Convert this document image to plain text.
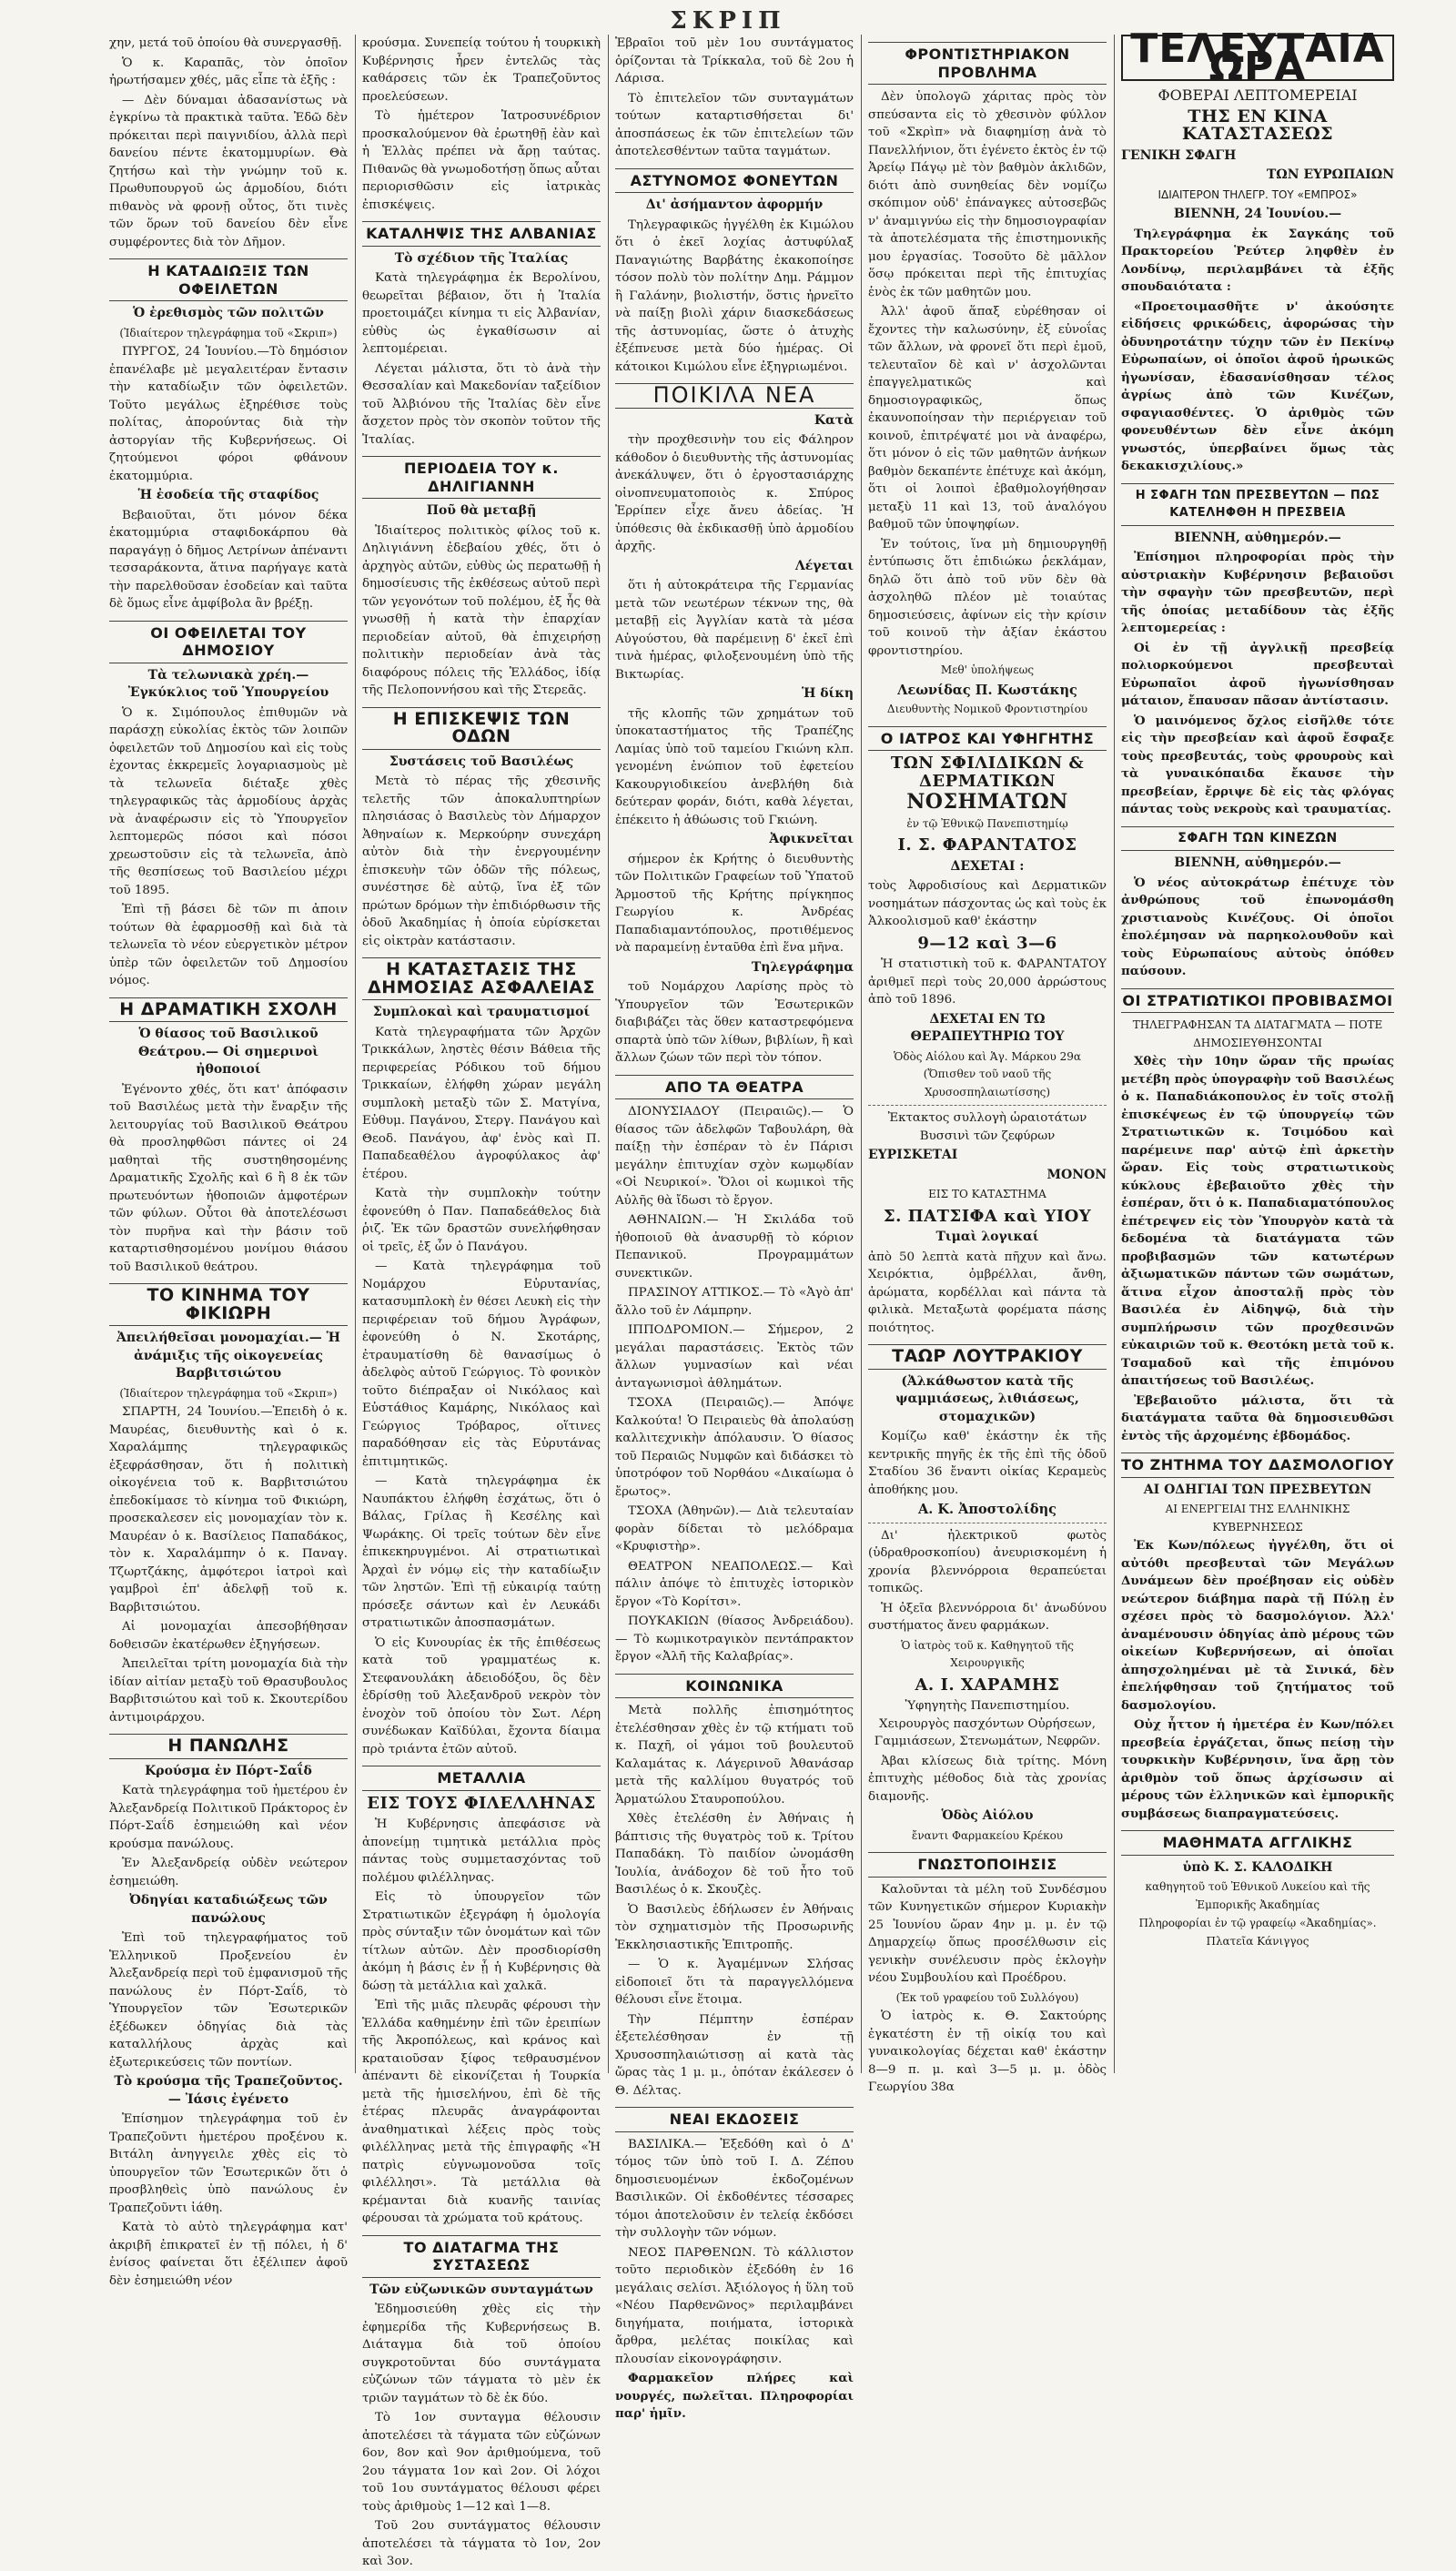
ΣΚΡΙΠ

χην, μετά τοῦ ὁποίου θὰ συνεργασθῇ.

Ὁ κ. Καραπᾶς, τὸν ὁποῖον ἠρωτήσαμεν χθές, μᾶς εἶπε τὰ ἑξῆς :

— Δὲν δύναμαι ἀδασανίστως νὰ ἐγκρίνω τὰ πρακτικὰ ταῦτα. Ἐδῶ δὲν πρόκειται περὶ παιγνιδίου, ἀλλὰ περὶ δανείου πέντε ἑκατομμυρίων. Θὰ ζητήσω καὶ τὴν γνώμην τοῦ κ. Πρωθυπουργοῦ ὡς ἁρμοδίου, διότι πιθανὸς νὰ φρονῇ οὗτος, ὅτι τινὲς τῶν ὅρων τοῦ δανείου δὲν εἶνε συμφέροντες διὰ τὸν Δῆμον.

Η ΚΑΤΑΔΙΩΞΙΣ ΤΩΝ ΟΦΕΙΛΕΤΩΝ
Ὁ ἐρεθισμὸς τῶν πολιτῶν
(Ἰδιαίτερον τηλεγράφημα τοῦ «Σκριπ»)

ΠΥΡΓΟΣ, 24 Ἰουνίου.—Τὸ δημόσιον ἐπανέλαβε μὲ μεγαλειτέραν ἔντασιν τὴν καταδίωξιν τῶν ὀφειλετῶν. Τοῦτο μεγάλως ἐξηρέθισε τοὺς πολίτας, ἀπορούντας διὰ τὴν ἀστοργίαν τῆς Κυβερνήσεως. Οἱ ζητούμενοι φόροι φθάνουν ἐκατομμύρια.

Ἡ ἐσοδεία τῆς σταφίδος

Βεβαιοῦται, ὅτι μόνον δέκα ἑκατομμύρια σταφιδοκάρπου θὰ παραγάγῃ ὁ δῆμος Λετρίνων ἀπέναντι τεσσαράκοντα, ἅτινα παρήγαγε κατὰ τὴν παρελθοῦσαν ἐσοδείαν καὶ ταῦτα δὲ ὅμως εἶνε ἀμφίβολα ἂν βρέξῃ.

ΟΙ ΟΦΕΙΛΕΤΑΙ ΤΟΥ ΔΗΜΟΣΙΟΥ
Τὰ τελωνιακὰ χρέη.— Ἐγκύκλιος τοῦ Ὑπουργείου

Ὁ κ. Σιμόπουλος ἐπιθυμῶν νὰ παράσχῃ εὐκολίας ἐκτὸς τῶν λοιπῶν ὀφειλετῶν τοῦ Δημοσίου καὶ εἰς τοὺς ἐχοντας ἐκκρεμεῖς λογαριασμοὺς μὲ τὰ τελωνεῖα διέταξε χθὲς τηλεγραφικῶς τὰς ἁρμοδίους ἀρχὰς νὰ ἀναφέρωσιν εἰς τὸ Ὑπουργεῖον λεπτομερῶς πόσοι καὶ πόσοι χρεωστοῦσιν εἰς τὰ τελωνεῖα, ἀπὸ τῆς θεσπίσεως τοῦ Βασιλείου μέχρι τοῦ 1895.

Ἐπὶ τῇ βάσει δὲ τῶν πι ἀποιν τούτων θὰ ἐφαρμοσθῇ καὶ διὰ τὰ τελωνεῖα τὸ νέον εὐεργετικὸν μέτρον ὑπὲρ τῶν ὀφειλετῶν τοῦ Δημοσίου νόμος.

Η ΔΡΑΜΑΤΙΚΗ ΣΧΟΛΗ
Ὁ θίασος τοῦ Βασιλικοῦ Θεάτρου.— Οἱ σημερινοὶ ἠθοποιοί

Ἐγένοντο χθές, ὅτι κατ' ἀπόφασιν τοῦ Βασιλέως μετὰ τὴν ἔναρξιν τῆς λειτουργίας τοῦ Βασιλικοῦ Θεάτρου θὰ προσληφθῶσι πάντες οἱ 24 μαθηταὶ τῆς συστηθησομένης Δραματικῆς Σχολῆς καὶ 6 ἢ 8 ἐκ τῶν πρωτευόντων ἠθοποιῶν ἀμφοτέρων τῶν φύλων. Οὗτοι θὰ ἀποτελέσωσι τὸν πυρῆνα καὶ τὴν βάσιν τοῦ καταρτισθησομένου μονίμου θιάσου τοῦ Βασιλικοῦ θεάτρου.

ΤΟ ΚΙΝΗΜΑ ΤΟΥ ΦΙΚΙΩΡΗ
Ἀπειλήθεῖσαι μονομαχίαι.— Ἡ ἀνάμιξις τῆς οἰκογενείας Βαρβιτσιώτου
(Ἰδιαίτερον τηλεγράφημα τοῦ «Σκριπ»)

ΣΠΑΡΤΗ, 24 Ἰουνίου.—Ἐπειδὴ ὁ κ. Μαυρέας, διευθυντὴς καὶ ὁ κ. Χαραλάμπης τηλεγραφικῶς ἐξεφράσθησαν, ὅτι ἡ πολιτικὴ οἰκογένεια τοῦ κ. Βαρβιτσιώτου ἐπεδοκίμασε τὸ κίνημα τοῦ Φικιώρη, προσεκαλεσεν εἰς μονομαχίαν τὸν κ. Μαυρέαν ὁ κ. Βασίλειος Παπαδάκος, τὸν κ. Χαραλάμπην ὁ κ. Παναγ. Τζωρτζάκης, ἀμφότεροι ἰατροὶ καὶ γαμβροὶ ἐπ' ἀδελφῇ τοῦ κ. Βαρβιτσιώτου.

Αἱ μονομαχίαι ἀπεσοβήθησαν δοθεισῶν ἐκατέρωθεν ἐξηγήσεων.

Ἀπειλεῖται τρίτη μονομαχία διὰ τὴν ἰδίαν αἰτίαν μεταξὺ τοῦ Θρασυβουλος Βαρβιτσιώτου καὶ τοῦ κ. Σκουτερίδου ἀντιμοιράρχου.

Η ΠΑΝΩΛΗΣ
Κρούσμα ἐν Πόρτ-Σαΐδ

Κατὰ τηλεγράφημα τοῦ ἡμετέρου ἐν Ἀλεξανδρείᾳ Πολιτικοῦ Πράκτορος ἐν Πόρτ-Σαΐδ ἐσημειώθη καὶ νέον κρούσμα πανώλους.

Ἐν Ἀλεξανδρείᾳ οὐδὲν νεώτερον ἐσημειώθη.

Ὀδηγίαι καταδιώξεως τῶν πανώλους

Ἐπὶ τοῦ τηλεγραφήματος τοῦ Ἑλληνικοῦ Προξενείου ἐν Ἀλεξανδρείᾳ περὶ τοῦ ἐμφανισμοῦ τῆς πανώλους ἐν Πόρτ-Σαΐδ, τὸ Ὑπουργεῖον τῶν Ἐσωτερικῶν ἐξέδωκεν ὁδηγίας διὰ τὰς καταλλήλους ἀρχὰς καὶ ἐξωτερικεύσεις τῶν ποντίων.

Τὸ κρούσμα τῆς Τραπεζοῦντος.— Ἰάσις ἐγένετο

Ἐπίσημον τηλεγράφημα τοῦ ἐν Τραπεζοῦντι ἡμετέρου προξένου κ. Βιτάλη ἀνηγγειλε χθὲς εἰς τὸ ὑπουργεῖον τῶν Ἐσωτερικῶν ὅτι ὁ προσβληθεὶς ὑπὸ πανώλους ἐν Τραπεζοῦντι ἰάθη.

Κατὰ τὸ αὐτὸ τηλεγράφημα κατ' ἀκριβῆ ἐπικρατεῖ ἐν τῇ πόλει, ἡ δ' ἐνίσος φαίνεται ὅτι ἐξέλιπεν ἀφοῦ δὲν ἐσημειώθη νέον

κρούσμα. Συνεπείᾳ τούτου ἡ τουρκικὴ Κυβέρνησις ἦρεν ἐντελῶς τὰς καθάρσεις τῶν ἐκ Τραπεζοῦντος προελεύσεων.

Τὸ ἡμέτερον Ἰατροσυνέδριον προσκαλούμενον θὰ ἐρωτηθῇ ἐὰν καὶ ἡ Ἑλλὰς πρέπει νὰ ἄρῃ ταύτας. Πιθανῶς θὰ γνωμοδοτήσῃ ὅπως αὗται περιορισθῶσιν εἰς ἰατρικὰς ἐπισκέψεις.

ΚΑΤΑΛΗΨΙΣ ΤΗΣ ΑΛΒΑΝΙΑΣ
Τὸ σχέδιον τῆς Ἰταλίας

Κατὰ τηλεγράφημα ἐκ Βερολίνου, θεωρεῖται βέβαιον, ὅτι ἡ Ἰταλία προετοιμάζει κίνημα τι εἰς Ἀλβανίαν, εὐθὺς ὡς ἐγκαθίσωσιν αἱ λεπτομέρειαι.

Λέγεται μάλιστα, ὅτι τὸ ἀνὰ τὴν Θεσσαλίαν καὶ Μακεδονίαν ταξείδιον τοῦ Ἀλβιόνου τῆς Ἰταλίας δὲν εἶνε ἄσχετον πρὸς τὸν σκοπὸν τοῦτον τῆς Ἰταλίας.

ΠΕΡΙΟΔΕΙΑ ΤΟΥ κ. ΔΗΛΙΓΙΑΝΝΗ
Ποῦ θὰ μεταβῇ

Ἰδιαίτερος πολιτικὸς φίλος τοῦ κ. Δηλιγιάννη ἐδεβαίου χθές, ὅτι ὁ ἀρχηγὸς αὐτῶν, εὐθὺς ὡς περατωθῇ ἡ δημοσίευσις τῆς ἐκθέσεως αὐτοῦ περὶ τῶν γεγονότων τοῦ πολέμου, ἐξ ἧς θὰ γνωσθῇ ἡ κατὰ τὴν ἐπαρχίαν περιοδείαν αὐτοῦ, θὰ ἐπιχειρήσῃ πολιτικὴν περιοδείαν ἀνὰ τὰς διαφόρους πόλεις τῆς Ἑλλάδος, ἰδίᾳ τῆς Πελοποννήσου καὶ τῆς Στερεᾶς.

Η ΕΠΙΣΚΕΨΙΣ ΤΩΝ ΟΔΩΝ
Συστάσεις τοῦ Βασιλέως

Μετὰ τὸ πέρας τῆς χθεσινῆς τελετῆς τῶν ἀποκαλυπτηρίων πλησιάσας ὁ Βασιλεὺς τὸν Δήμαρχον Ἀθηναίων κ. Μερκούρην συνεχάρη αὐτὸν διὰ τὴν ἐνεργουμένην ἐπισκευὴν τῶν ὁδῶν τῆς πόλεως, συνέστησε δὲ αὐτῷ, ἵνα ἐξ τῶν πρώτων δρόμων τὴν ἐπιδιόρθωσιν τῆς ὁδοῦ Ἀκαδημίας ἡ ὁποία εὑρίσκεται εἰς οἰκτρὰν κατάστασιν.

Η ΚΑΤΑΣΤΑΣΙΣ ΤΗΣ ΔΗΜΟΣΙΑΣ ΑΣΦΑΛΕΙΑΣ
Συμπλοκαὶ καὶ τραυματισμοί

Κατὰ τηλεγραφήματα τῶν Ἀρχῶν Τρικκάλων, ληστὲς θέσιν Βάθεια τῆς περιφερείας Ρόδικου τοῦ δήμου Τρικκαίων, ἐλήφθη χώραν μεγάλη συμπλοκὴ μεταξὺ τῶν Σ. Ματγίνα, Εὐθυμ. Παγάνου, Στεργ. Πανάγου καὶ Θεοδ. Πανάγου, ἀφ' ἑνὸς καὶ Π. Παπαδεαθέλου ἀγροφύλακος ἀφ' ἑτέρου.

Κατὰ τὴν συμπλοκὴν τούτην ἐφονεύθη ὁ Παν. Παπαδεάθελος διὰ ῥιζ. Ἐκ τῶν δραστῶν συνελήφθησαν οἱ τρεῖς, ἐξ ὧν ὁ Πανάγου.

— Κατὰ τηλεγράφημα τοῦ Νομάρχου Εὐρυτανίας, κατασυμπλοκὴ ἐν θέσει Λευκὴ εἰς τὴν περιφέρειαν τοῦ δήμου Ἀγράφων, ἐφονεύθη ὁ Ν. Σκοτάρης, ἐτραυματίσθη δὲ θανασίμως ὁ ἀδελφὸς αὐτοῦ Γεώργιος. Τὸ φονικὸν τοῦτο διέπραξαν οἱ Νικόλαος καὶ Εὐστάθιος Καμάρης, Νικόλαος καὶ Γεώργιος Τρόβαρος, οἵτινες παραδόθησαν εἰς τὰς Εὐρυτάνας ἐπιτιμητικῶς.

— Κατὰ τηλεγράφημα ἐκ Ναυπάκτου ἐλήφθη ἐσχάτως, ὅτι ὁ Βάλας, Γρίλας ἢ Κεσέλης καὶ Ψωράκης. Οἱ τρεῖς τούτων δὲν εἶνε ἐπικεκηρυγμένοι. Αἱ στρατιωτικαὶ Ἀρχαὶ ἐν νόμῳ εἰς τὴν καταδίωξιν τῶν ληστῶν. Ἐπὶ τῇ εὐκαιρίᾳ ταύτῃ πρόσεξε σάντων καὶ ἐν Λευκάδι στρατιωτικῶν ἀποσπασμάτων.

Ὁ εἰς Κυνουρίας ἐκ τῆς ἐπιθέσεως κατὰ τοῦ γραμματέως κ. Στεφανουλάκη ἀδειοδόξου, ὃς δὲν ἐδρίσθῃ τοῦ Ἀλεξανδροῦ νεκρὸν τὸν ἐνοχὸν τοῦ ὁποίου τὸν Σωτ. Λέρη συνέδωκαν Καϊδύλαι, ἔχοντα δίαιμα πρὸ τριάντα ἐτῶν αὐτοῦ.

ΜΕΤΑΛΛΙΑ
ΕΙΣ ΤΟΥΣ ΦΙΛΕΛΛΗΝΑΣ

Ἡ Κυβέρνησις ἀπεφάσισε νὰ ἀπονείμῃ τιμητικὰ μετάλλια πρὸς πάντας τοὺς συμμετασχόντας τοῦ πολέμου φιλέλληνας.

Εἰς τὸ ὑπουργεῖον τῶν Στρατιωτικῶν ἐξεγράφη ἡ ὁμολογία πρὸς σύνταξιν τῶν ὀνομάτων καὶ τῶν τίτλων αὐτῶν. Δὲν προσδιορίσθη ἀκόμη ἡ βάσις ἐν ᾗ ἡ Κυβέρνησις θὰ δώσῃ τὰ μετάλλια καὶ χαλκᾶ.

Ἐπὶ τῆς μιᾶς πλευρᾶς φέρουσι τὴν Ἑλλάδα καθημένην ἐπὶ τῶν ἐρειπίων τῆς Ἀκροπόλεως, καὶ κράνος καὶ κραταιοῦσαν ξίφος τεθραυσμένον ἀπέναντι δὲ εἰκονίζεται ἡ Τουρκία μετὰ τῆς ἡμισελήνου, ἐπὶ δὲ τῆς ἑτέρας πλευρᾶς ἀναγράφονται ἀναθηματικαὶ λέξεις πρὸς τοὺς φιλέλληνας μετὰ τῆς ἐπιγραφῆς «Ἡ πατρὶς εὐγνωμονοῦσα τοῖς φιλέλλησι». Τὰ μετάλλια θὰ κρέμανται διὰ κυανῆς ταινίας φέρουσαι τὰ χρώματα τοῦ κράτους.

ΤΟ ΔΙΑΤΑΓΜΑ ΤΗΣ ΣΥΣΤΑΣΕΩΣ
Τῶν εὐζωνικῶν συνταγμάτων

Ἐδημοσιεύθη χθὲς εἰς τὴν ἐφημερίδα τῆς Κυβερνήσεως Β. Διάταγμα διὰ τοῦ ὁποίου συγκροτοῦνται δύο συντάγματα εὐζώνων τῶν τάγματα τὸ μὲν ἐκ τριῶν ταγμάτων τὸ δὲ ἐκ δύο.

Τὸ 1ον συνταγμα θέλουσιν ἀποτελέσει τὰ τάγματα τῶν εὐζώνων 6ον, 8ον καὶ 9ον ἀριθμούμενα, τοῦ 2ου τάγματα 1ον καὶ 2ον. Οἱ λόχοι τοῦ 1ου συντάγματος θέλουσι φέρει τοὺς ἀριθμοὺς 1—12 καὶ 1—8.

Τοῦ 2ου συντάγματος θέλουσιν ἀποτελέσει τὰ τάγματα τὸ 1ον, 2ον καὶ 3ον.

Ἐβραῖοι τοῦ μὲν 1ου συντάγματος ὁρίζονται τὰ Τρίκκαλα, τοῦ δὲ 2ου ἡ Λάρισα.

Τὸ ἐπιτελεῖον τῶν συνταγμάτων τούτων καταρτισθήσεται δι' ἀποσπάσεως ἐκ τῶν ἐπιτελείων τῶν ἀποτελεσθέντων ταῦτα ταγμάτων.

ΑΣΤΥΝΟΜΟΣ ΦΟΝΕΥΤΩΝ
Δι' ἀσήμαντον ἀφορμήν

Τηλεγραφικῶς ἠγγέλθη ἐκ Κιμώλου ὅτι ὁ ἐκεῖ λοχίας ἀστυφύλαξ Παναγιώτης Βαρβάτης ἐκακοποίησε τόσον πολὺ τὸν πολίτην Δημ. Ράμμον ἢ Γαλάνην, βιολιστήν, ὅστις ἠρνεῖτο νὰ παίξῃ βιολὶ χάριν διασκεδάσεως τῆς ἀστυνομίας, ὥστε ὁ ἀτυχὴς ἐξέπνευσε μετὰ δύο ἡμέρας. Οἱ κάτοικοι Κιμώλου εἶνε ἐξηγριωμένοι.

ΠΟΙΚΙΛΑ ΝΕΑ
Κατὰ

τὴν προχθεσινὴν του εἰς Φάληρον κάθοδον ὁ διευθυντὴς τῆς ἀστυνομίας ἀνεκάλυψεν, ὅτι ὁ ἐργοστασιάρχης οἰνοπνευματοποιὸς κ. Σπύρος Ἐρρίπεν εἶχε ἄνευ ἀδείας. Ἡ ὑπόθεσις θὰ ἐκδικασθῇ ὑπὸ ἀρμοδίου ἀρχῆς.

Λέγεται

ὅτι ἡ αὐτοκράτειρα τῆς Γερμανίας μετὰ τῶν νεωτέρων τέκνων της, θὰ μεταβῇ εἰς Ἀγγλίαν κατὰ τὰ μέσα Αὐγούστου, θὰ παρέμεινῃ δ' ἐκεῖ ἐπὶ τινὰ ἡμέρας, φιλοξενουμένη ὑπὸ τῆς Βικτωρίας.

Ἡ δίκη

τῆς κλοπῆς τῶν χρημάτων τοῦ ὑποκαταστήματος τῆς Τραπέζης Λαμίας ὑπὸ τοῦ ταμείου Γκιώνη κλπ. γενομένη ἐνώπιον τοῦ ἐφετείου Κακουργιοδικείου ἀνεβλήθη διὰ δεύτεραν φοράν, διότι, καθὰ λέγεται, ἐπέκειτο ἡ ἀθώωσις τοῦ Γκιώνη.

Ἀφικνεῖται

σήμερον ἐκ Κρήτης ὁ διευθυντὴς τῶν Πολιτικῶν Γραφείων τοῦ Ὑπατοῦ Ἀρμοστοῦ τῆς Κρήτης πρίγκηπος Γεωργίου κ. Ἀνδρέας Παπαδιαμαντόπουλος, προτιθέμενος νὰ παραμείνῃ ἐνταῦθα ἐπὶ ἕνα μῆνα.

Τηλεγράφημα

τοῦ Νομάρχου Λαρίσης πρὸς τὸ Ὑπουργεῖον τῶν Ἐσωτερικῶν διαβιβάζει τὰς ὅθεν καταστρεφόμενα σπαρτὰ ὑπὸ τῶν λίθων, βιβλίων, ἢ καὶ ἄλλων ζώων τῶν περὶ τὸν τόπον.

ΑΠΟ ΤΑ ΘΕΑΤΡΑ

ΔΙΟΝΥΣΙΑΔΟΥ (Πειραιῶς).— Ὁ θίασος τῶν ἀδελφῶν Ταβουλάρη, θὰ παίξῃ τὴν ἐσπέραν τὸ ἐν Πάρισι μεγάλην ἐπιτυχίαν σχὸν κωμῳδίαν «Οἱ Νευρικοί». Ὅλοι οἱ κωμικοὶ τῆς Αὐλῆς θὰ ἴδωσι τὸ ἔργον.

ΑΘΗΝΑΙΩΝ.— Ἡ Σκιλάδα τοῦ ἠθοποιοῦ θὰ ἀνασυρθῇ τὸ κόριον Πεπανικοῦ. Προγραμμάτων συνεκτικῶν.

ΠΡΑΣΙΝΟΥ ΑΤΤΙΚΟΣ.— Τὸ «Ἀγὸ ἀπ' ἄλλο τοῦ ἐν Λάμπρην.

ΙΠΠΟΔΡΟΜΙΟΝ.— Σήμερον, 2 μεγάλαι παραστάσεις. Ἐκτὸς τῶν ἄλλων γυμνασίων καὶ νέαι ἀνταγωνισμοὶ ἀθλημάτων.

ΤΣΟΧΑ (Πειραιῶς).— Ἀπόψε Καλκούτα! Ὁ Πειραιεὺς θὰ ἀπολαύσῃ καλλιτεχνικὴν ἀπόλαυσιν. Ὁ θίασος τοῦ Περαιῶς Νυμφῶν καὶ διδάσκει τὸ ὑποτρόφον τοῦ Νορθάου «Δικαίωμα ὁ ἔρωτος».

ΤΣΟΧΑ (Ἀθηνῶν).— Διὰ τελευταίαν φορὰν δίδεται τὸ μελόδραμα «Κρυφιστὴρ».

ΘΕΑΤΡΟΝ ΝΕΑΠΟΛΕΩΣ.— Καὶ πάλιν ἀπόψε τὸ ἐπιτυχὲς ἱστορικὸν ἔργον «Τὸ Κορίτσι».

ΠΟΥΚΑΚΙΩΝ (θίασος Ἀνδρειάδου).— Τὸ κωμικοτραγικὸν πεντάπρακτον ἔργον «Ἀλῆ τῆς Καλαβρίας».

ΚΟΙΝΩΝΙΚΑ

Μετὰ πολλῆς ἐπισημότητος ἐτελέσθησαν χθὲς ἐν τῷ κτήματι τοῦ κ. Παχῆ, οἱ γάμοι τοῦ βουλευτοῦ Καλαμάτας κ. Λάγερινοῦ Ἀθανάσαρ μετὰ τῆς καλλίμου θυγατρός τοῦ Ἀρματώλου Σταυροπούλου.

Χθὲς ἐτελέσθη ἐν Ἀθήναις ἡ βάπτισις τῆς θυγατρὸς τοῦ κ. Τρίτου Παπαδάκη. Τὸ παιδίον ὠνομάσθη Ἰουλία, ἀνάδοχον δὲ τοῦ ἦτο τοῦ Βασιλέως ὁ κ. Σκουζὲς.

Ὁ Βασιλεὺς ἐδήλωσεν ἐν Ἀθήναις τὸν σχηματισμὸν τῆς Προσωρινῆς Ἐκκλησιαστικῆς Ἐπιτροπῆς.

— Ὁ κ. Ἀγαμέμνων Σλήσας εἰδοποιεῖ ὅτι τὰ παραγγελλόμενα θέλουσι εἶνε ἕτοιμα.

Τὴν Πέμπτην ἐσπέραν ἐξετελέσθησαν ἐν τῇ Χρυσοσπηλαιώτισσῃ αἱ κατὰ τὰς ὥρας τὰς 1 μ. μ., ὁπόταν ἐκάλεσεν ὁ Θ. Δέλτας.

ΝΕΑΙ ΕΚΔΟΣΕΙΣ

ΒΑΣΙΛΙΚΑ.— Ἐξεδόθη καὶ ὁ Δ' τόμος τῶν ὑπὸ τοῦ Ι. Δ. Ζέπου δημοσιευομένων ἐκδοζομένων Βασιλικῶν. Οἱ ἐκδοθέντες τέσσαρες τόμοι ἀποτελοῦσιν ἐν τελείᾳ ἐκδόσει τὴν συλλογὴν τῶν νόμων.

ΝΕΟΣ ΠΑΡΘΕΝΩΝ. Τὸ κάλλιστον τοῦτο περιοδικὸν ἐξεδόθη ἐν 16 μεγάλαις σελίσι. Ἀξιόλογος ἡ ὕλη τοῦ «Νέου Παρθενῶνος» περιλαμβάνει διηγήματα, ποιήματα, ἱστορικὰ ἄρθρα, μελέτας ποικίλας καὶ πλουσίαν εἰκονογράφησιν.

Φαρμακεῖον πλήρες καὶ νουργές, πωλεῖται. Πληροφορίαι παρ' ἡμῖν.

ΦΡΟΝΤΙΣΤΗΡΙΑΚΟΝ ΠΡΟΒΛΗΜΑ

Δὲν ὑπολογῶ χάριτας πρὸς τὸν σπεύσαντα εἰς τὸ χθεσινὸν φύλλον τοῦ «Σκρὶπ» νὰ διαφημίσῃ ἀνὰ τὸ Πανελλήνιον, ὅτι ἐγένετο ἐκτὸς ἐν τῷ Ἀρείῳ Πάγῳ μὲ τὸν βαθμὸν ἀκλιδῶν, διότι ἀπὸ συνηθείας δὲν νομίζω σκόπιμον οὐδ' ἐπάναγκες αὐτοσεβῶς ν' ἀναμιγνύω εἰς τὴν δημοσιογραφίαν τὰ ἀποτελέσματα τῆς ἐπιστημονικῆς μου ἐργασίας. Τοσοῦτο δὲ μᾶλλον ὅσῳ πρόκειται περὶ τῆς ἐπιτυχίας ἑνὸς ἐκ τῶν μαθητῶν μου.

Ἀλλ' ἀφοῦ ἅπαξ εὑρέθησαν οἱ ἔχοντες τὴν καλωσύνην, ἐξ εὐνοΐας τῶν ἄλλων, νὰ φρονεῖ ὅτι περὶ ἐμοῦ, τελευταῖον δὲ καὶ ν' ἀσχολῶνται ἐπαγγελματικῶς καὶ δημοσιογραφικῶς, ὅπως ἐκαυνοποίησαν τὴν περιέργειαν τοῦ κοινοῦ, ἐπιτρέψατέ μοι νὰ ἀναφέρω, ὅτι μόνον ὁ εἰς τῶν μαθητῶν ἀνήκων βαθμὸν δεκαπέντε ἐπέτυχε καὶ ἀκόμη, ὅτι οἱ λοιποὶ ἐβαθμολογήθησαν μεταξὺ 11 καὶ 13, τοῦ ἀναλόγου βαθμοῦ τῶν ὑποψηφίων.

Ἐν τούτοις, ἵνα μὴ δημιουργηθῇ ἐντύπωσις ὅτι ἐπιδιώκω ῥεκλάμαν, δηλῶ ὅτι ἀπὸ τοῦ νῦν δὲν θὰ ἀσχοληθῶ πλέον μὲ τοιαύτας δημοσιεύσεις, ἀφίνων εἰς τὴν κρίσιν τοῦ κοινοῦ τὴν ἀξίαν ἑκάστου φροντιστηρίου.

Μεθ' ὑπολήψεως
Λεωνίδας Π. Κωστάκης
Διευθυντὴς Νομικοῦ Φροντιστηρίου
Ο ΙΑΤΡΟΣ ΚΑΙ ΥΦΗΓΗΤΗΣ
ΤΩΝ ΣΦΙΛΙΔΙΚΩΝ & ΔΕΡΜΑΤΙΚΩΝ
ΝΟΣΗΜΑΤΩΝ
ἐν τῷ Ἐθνικῷ Πανεπιστημίῳ
Ι. Σ. ΦΑΡΑΝΤΑΤΟΣ
ΔΕΧΕΤΑΙ :

τοὺς Ἀφροδισίους καὶ Δερματικῶν νοσημάτων πάσχοντας ὡς καὶ τοὺς ἐκ Ἀλκοολισμοῦ καθ' ἑκάστην

9—12 καὶ 3—6

Ἡ στατιστικὴ τοῦ κ. ΦΑΡΑΝΤΑΤΟΥ ἀριθμεῖ περὶ τοὺς 20,000 ἀρρώστους ἀπὸ τοῦ 1896.

ΔΕΧΕΤΑΙ ΕΝ ΤΩ ΘΕΡΑΠΕΥΤΗΡΙΩ ΤΟΥ
Ὁδὸς Αἰόλου καὶ Ἁγ. Μάρκου 29α (Ὄπισθεν τοῦ ναοῦ τῆς Χρυσοσπηλαιωτίσσης)

Ἐκτακτος συλλογὴ ὡραιοτάτων Βυσσινὶ τῶν ζεφύρων

ΕΥΡΙΣΚΕΤΑΙ
ΜΟΝΟΝ
ΕΙΣ ΤΟ ΚΑΤΑΣΤΗΜΑ
Σ. ΠΑΤΣΙΦΑ καὶ ΥΙΟΥ
Τιμαὶ λογικαί

ἀπὸ 50 λεπτὰ κατὰ πῆχυν καὶ ἄνω. Χειρόκτια, ὀμβρέλλαι, ἄνθη, ἀρώματα, κορδέλλαι καὶ πάντα τὰ φιλικὰ. Μεταξωτὰ φορέματα πάσης ποιότητος.

ΤΑΩΡ ΛΟΥΤΡΑΚΙΟΥ
(Ἀλκάθωστον κατὰ τῆς ψαμμιάσεως, λιθιάσεως, στομαχικῶν)

Κομίζω καθ' ἑκάστην ἐκ τῆς κεντρικῆς πηγῆς ἐκ τῆς ἐπὶ τῆς ὁδοῦ Σταδίου 36 ἔναντι οἰκίας Κεραμεὺς ἀποθήκης μου.

Α. Κ. Ἀποστολίδης

Δι' ἠλεκτρικοῦ φωτὸς (ὑδραθροσκοπίου) ἀνευρισκομένη ἡ χρονία βλεννόρροια θεραπεύεται τοπικῶς.

Ἡ ὀξεῖα βλεννόρροια δι' ἀνωδύνου συστήματος ἄνευ φαρμάκων.

Ὁ ἰατρὸς τοῦ κ. Καθηγητοῦ τῆς Χειρουργικῆς
Α. Ι. ΧΑΡΑΜΗΣ

Ὑφηγητὴς Πανεπιστημίου. Χειρουργὸς πασχόντων Οὐρήσεων, Γαμμιάσεων, Στενωμάτων, Νεφρῶν.

Ἀβαι κλίσεως διὰ τρίτης. Μόνη ἐπιτυχὴς μέθοδος διὰ τὰς χρονίας διαμονῆς.

Ὁδὸς Αἰόλου
ἔναντι Φαρμακείου Κρέκου
ΓΝΩΣΤΟΠΟΙΗΣΙΣ

Καλοῦνται τὰ μέλη τοῦ Συνδέσμου τῶν Κυνηγετικῶν σήμερον Κυριακὴν 25 Ἰουνίου ὥραν 4ην μ. μ. ἐν τῷ Δημαρχείῳ ὅπως προσέλθωσιν εἰς γενικὴν συνέλευσιν πρὸς ἐκλογὴν νέου Συμβουλίου καὶ Προέδρου.

(Ἐκ τοῦ γραφείου τοῦ Συλλόγου)

Ὁ ἰατρὸς κ. Θ. Σακτούρης ἐγκατέστη ἐν τῇ οἰκίᾳ του καὶ γυναικολογίας δέχεται καθ' ἑκάστην 8—9 π. μ. καὶ 3—5 μ. μ. ὁδὸς Γεωργίου 38α

ΤΕΛΕΥΤΑΙΑ ΩΡΑ
ΦΟΒΕΡΑΙ ΛΕΠΤΟΜΕΡΕΙΑΙ
ΤΗΣ ΕΝ ΚΙΝΑ ΚΑΤΑΣΤΑΣΕΩΣ
ΓΕΝΙΚΗ ΣΦΑΓΗ
ΤΩΝ ΕΥΡΩΠΑΙΩΝ
ΙΔΙΑΙΤΕΡΟΝ ΤΗΛΕΓΡ. ΤΟΥ «ΕΜΠΡΟΣ»
ΒΙΕΝΝΗ, 24 Ἰουνίου.—

Τηλεγράφημα ἐκ Σαγκάης τοῦ Πρακτορείου Ῥεύτερ ληφθὲν ἐν Λονδίνῳ, περιλαμβάνει τὰ ἑξῆς σπουδαιότατα :

«Προετοιμασθῆτε ν' ἀκούσητε εἰδήσεις φρικώδεις, ἀφορώσας τὴν ὀδυνηροτάτην τύχην τῶν ἐν Πεκίνῳ Εὐρωπαίων, οἱ ὁποῖοι ἀφοῦ ἡρωικῶς ἠγωνίσαν, ἐδασανίσθησαν τέλος ἀγρίως ἀπὸ τῶν Κινέζων, σφαγιασθέντες. Ὁ ἀριθμὸς τῶν φονευθέντων δὲν εἶνε ἀκόμη γνωστός, ὑπερβαίνει ὅμως τὰς δεκακισχιλίους.»

Η ΣΦΑΓΗ ΤΩΝ ΠΡΕΣΒΕΥΤΩΝ — ΠΩΣ ΚΑΤΕΛΗΦΘΗ Η ΠΡΕΣΒΕΙΑ
ΒΙΕΝΝΗ, αὐθημερόν.—

Ἐπίσημοι πληροφορίαι πρὸς τὴν αὐστριακὴν Κυβέρνησιν βεβαιοῦσι τὴν σφαγὴν τῶν πρεσβευτῶν, περὶ τῆς ὁποίας μεταδίδουν τὰς ἑξῆς λεπτομερείας :

Οἱ ἐν τῇ ἀγγλικῇ πρεσβείᾳ πολιορκούμενοι πρεσβευταὶ Εὐρωπαῖοι ἀφοῦ ἠγωνίσθησαν μάταιον, ἔπαυσαν πᾶσαν ἀντίστασιν.

Ὁ μαινόμενος ὄχλος εἰσῆλθε τότε εἰς τὴν πρεσβείαν καὶ ἀφοῦ ἔσφαξε τοὺς πρεσβευτάς, τοὺς φρουροὺς καὶ τὰ γυναικόπαιδα ἔκαυσε τὴν πρεσβείαν, ἔρριψε δὲ εἰς τὰς φλόγας πάντας τοὺς νεκροὺς καὶ τραυματίας.

ΣΦΑΓΗ ΤΩΝ ΚΙΝΕΖΩΝ
ΒΙΕΝΝΗ, αὐθημερόν.—

Ὁ νέος αὐτοκράτωρ ἐπέτυχε τὸν ἀνθρώπους τοῦ ἐπωνομάσθη χριστιανοὺς Κινέζους. Οἱ ὁποῖοι ἐπολέμησαν νὰ παρηκολουθοῦν καὶ τοὺς Εὐρωπαίους αὐτοὺς ὁπόθεν παύσουν.

ΟΙ ΣΤΡΑΤΙΩΤΙΚΟΙ ΠΡΟΒΙΒΑΣΜΟΙ
ΤΗΛΕΓΡΑΦΗΣΑΝ ΤΑ ΔΙΑΤΑΓΜΑΤΑ — ΠΟΤΕ ΔΗΜΟΣΙΕΥΘΗΣΟΝΤΑΙ

Χθὲς τὴν 10ην ὥραν τῆς πρωίας μετέβη πρὸς ὑπογραφὴν τοῦ Βασιλέως ὁ κ. Παπαδιάκοπουλος ἐν τοῖς στολῇ ἐπισκέψεως ἐν τῷ ὑπουργείῳ τῶν Στρατιωτικῶν κ. Τσιμόδου καὶ παρέμεινε παρ' αὐτῷ ἐπὶ ἀρκετὴν ὥραν. Εἰς τοὺς στρατιωτικοὺς κύκλους ἐβεβαιοῦτο χθὲς τὴν ἑσπέραν, ὅτι ὁ κ. Παπαδιαματόπουλος ἐπέτρεψεν εἰς τὸν Ὑπουργὸν κατὰ τὰ δεδομένα τὰ διατάγματα τῶν προβιβασμῶν τῶν κατωτέρων ἀξιωματικῶν πάντων τῶν σωμάτων, ἅτινα εἶχον ἀποσταλῇ πρὸς τὸν Βασιλέα ἐν Αἰδηψῷ, διὰ τὴν συμπλήρωσιν τῶν προχθεσινῶν εὐκαιριῶν τοῦ κ. Θεοτόκη μετὰ τοῦ κ. Τσαμαδοῦ καὶ τῆς ἐπιμόνου ἀπαιτήσεως τοῦ Βασιλέως.

Ἐβεβαιοῦτο μάλιστα, ὅτι τὰ διατάγματα ταῦτα θὰ δημοσιευθῶσι ἐντὸς τῆς ἀρχομένης ἑβδομάδος.

ΤΟ ΖΗΤΗΜΑ ΤΟΥ ΔΑΣΜΟΛΟΓΙΟΥ
ΑΙ ΟΔΗΓΙΑΙ ΤΩΝ ΠΡΕΣΒΕΥΤΩΝ
ΑΙ ΕΝΕΡΓΕΙΑΙ ΤΗΣ ΕΛΛΗΝΙΚΗΣ ΚΥΒΕΡΝΗΣΕΩΣ

Ἐκ Κων/πόλεως ἠγγέλθη, ὅτι οἱ αὐτόθι πρεσβευταὶ τῶν Μεγάλων Δυνάμεων δὲν προέβησαν εἰς οὐδὲν νεώτερον διάβημα παρὰ τῇ Πύλῃ ἐν σχέσει πρὸς τὸ δασμολόγιον. Ἀλλ' ἀναμένουσιν ὁδηγίας ἀπὸ μέρους τῶν οἰκείων Κυβερνήσεων, αἱ ὁποῖαι ἀπησχολημέναι μὲ τὰ Σινικά, δὲν ἐπελήφθησαν τοῦ ζητήματος τοῦ δασμολογίου.

Οὐχ ἧττον ἡ ἡμετέρα ἐν Κων/πόλει πρεσβεία ἐργάζεται, ὅπως πείσῃ τὴν τουρκικὴν Κυβέρνησιν, ἵνα ἄρῃ τὸν ἀριθμὸν τοῦ ὅπως ἀρχίσωσιν αἱ μέρους τῶν ἐλληνικῶν καὶ ἐμπορικῆς συμβάσεως διαπραγματεύσεις.

ΜΑΘΗΜΑΤΑ ΑΓΓΛΙΚΗΣ
ὑπὸ Κ. Σ. ΚΑΛΟΔΙΚΗ
καθηγητοῦ τοῦ Ἐθνικοῦ Λυκείου καὶ τῆς Ἐμπορικῆς Ἀκαδημίας
Πληροφορίαι ἐν τῷ γραφείῳ «Ἀκαδημίας». Πλατεῖα Κάνιγγος
